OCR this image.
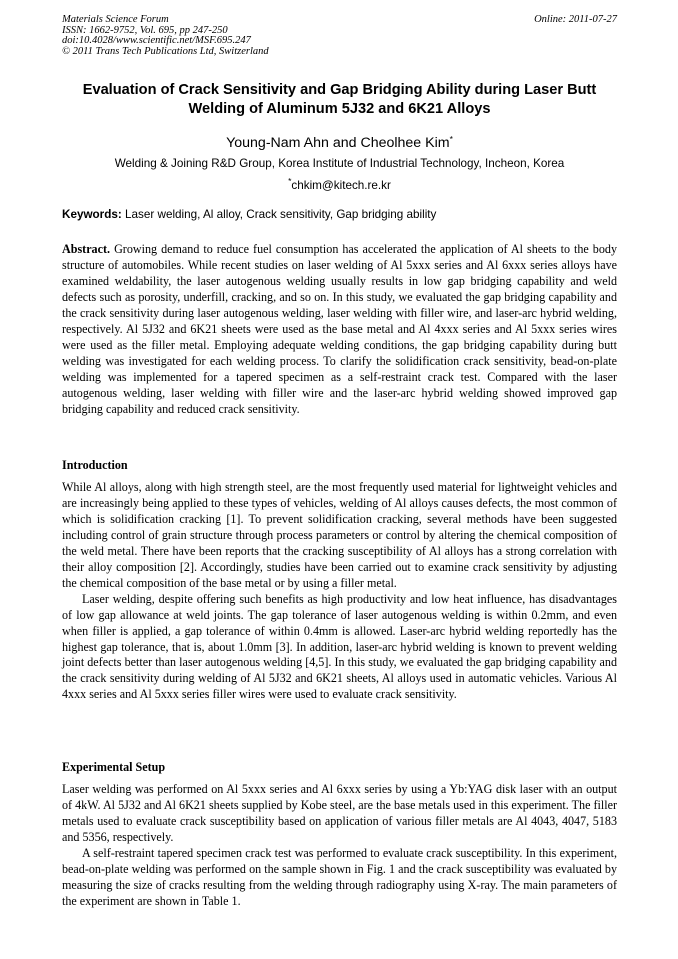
Materials Science Forum
ISSN: 1662-9752, Vol. 695, pp 247-250
doi:10.4028/www.scientific.net/MSF.695.247
© 2011 Trans Tech Publications Ltd, Switzerland
Online: 2011-07-27
Evaluation of Crack Sensitivity and Gap Bridging Ability during Laser Butt Welding of Aluminum 5J32 and 6K21 Alloys
Young-Nam Ahn and Cheolhee Kim*
Welding & Joining R&D Group, Korea Institute of Industrial Technology, Incheon, Korea
*chkim@kitech.re.kr
Keywords: Laser welding, Al alloy, Crack sensitivity, Gap bridging ability

Abstract. Growing demand to reduce fuel consumption has accelerated the application of Al sheets to the body structure of automobiles. While recent studies on laser welding of Al 5xxx series and Al 6xxx series alloys have examined weldability, the laser autogenous welding usually results in low gap bridging capability and weld defects such as porosity, underfill, cracking, and so on. In this study, we evaluated the gap bridging capability and the crack sensitivity during laser autogenous welding, laser welding with filler wire, and laser-arc hybrid welding, respectively. Al 5J32 and 6K21 sheets were used as the base metal and Al 4xxx series and Al 5xxx series wires were used as the filler metal. Employing adequate welding conditions, the gap bridging capability during butt welding was investigated for each welding process. To clarify the solidification crack sensitivity, bead-on-plate welding was implemented for a tapered specimen as a self-restraint crack test. Compared with the laser autogenous welding, laser welding with filler wire and the laser-arc hybrid welding showed improved gap bridging capability and reduced crack sensitivity.

Introduction

While Al alloys, along with high strength steel, are the most frequently used material for lightweight vehicles and are increasingly being applied to these types of vehicles, welding of Al alloys causes defects, the most common of which is solidification cracking [1]. To prevent solidification cracking, several methods have been suggested including control of grain structure through process parameters or control by altering the chemical composition of the weld metal. There have been reports that the cracking susceptibility of Al alloys has a strong correlation with their alloy composition [2]. Accordingly, studies have been carried out to examine crack sensitivity by adjusting the chemical composition of the base metal or by using a filler metal.

Laser welding, despite offering such benefits as high productivity and low heat influence, has disadvantages of low gap allowance at weld joints. The gap tolerance of laser autogenous welding is within 0.2mm, and even when filler is applied, a gap tolerance of within 0.4mm is allowed. Laser-arc hybrid welding reportedly has the highest gap tolerance, that is, about 1.0mm [3]. In addition, laser-arc hybrid welding is known to prevent welding joint defects better than laser autogenous welding [4,5]. In this study, we evaluated the gap bridging capability and the crack sensitivity during welding of Al 5J32 and 6K21 sheets, Al alloys used in automatic vehicles. Various Al 4xxx series and Al 5xxx series filler wires were used to evaluate crack sensitivity.

Experimental Setup

Laser welding was performed on Al 5xxx series and Al 6xxx series by using a Yb:YAG disk laser with an output of 4kW. Al 5J32 and Al 6K21 sheets supplied by Kobe steel, are the base metals used in this experiment. The filler metals used to evaluate crack susceptibility based on application of various filler metals are Al 4043, 4047, 5183 and 5356, respectively.

A self-restraint tapered specimen crack test was performed to evaluate crack susceptibility. In this experiment, bead-on-plate welding was performed on the sample shown in Fig. 1 and the crack susceptibility was evaluated by measuring the size of cracks resulting from the welding through radiography using X-ray. The main parameters of the experiment are shown in Table 1.
